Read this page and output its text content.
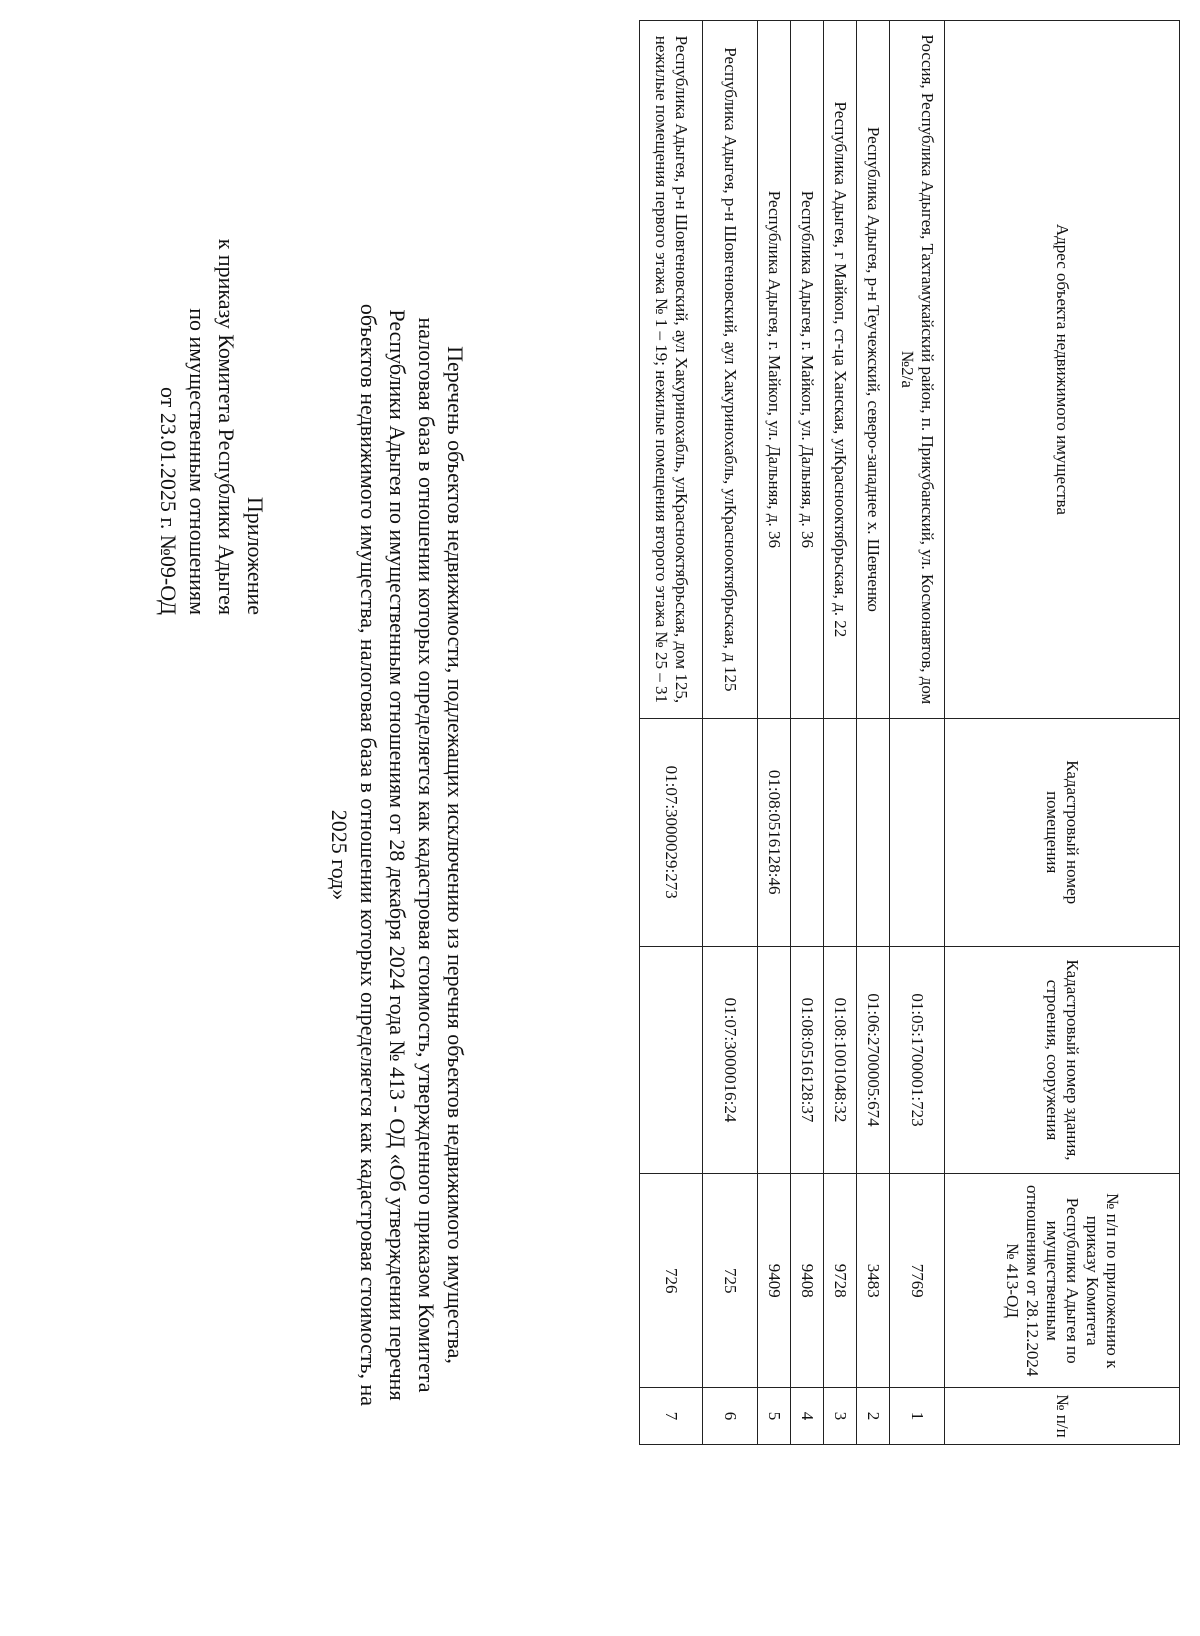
Приложение
к приказу Комитета Республики Адыгея
по имущественным отношениям
от 23.01.2025 г. №09-ОД	Перечень объектов недвижимости, подлежащих исключению из перечня объектов недвижимого имущества, налоговая база в отношении которых определяется как кадастровая стоимость, утвержденного приказом Комитета Республики Адыгея по имущественным отношениям от 28 декабря 2024 года № 413 - ОД «Об утверждении перечня объектов недвижимого имущества, налоговая база в отношении которых определяется как кадастровая стоимость, на 2025 год»
Адрес объекта недвижимого имущества	Кадастровый номер помещения	Кадастровый номер здания, строения, сооружения	№ п/п по приложению к приказу Комитета Республики Адыгея по имущественным отношениям от 28.12.2024 № 413-ОД	№ п/п
Россия, Республика Адыгея, Тахтамукайский район, п. Прикубанский, ул. Космонавтов, дом №2/а		01:05:1700001:723	7769	1
Республика Адыгея, р-н Теучежский, северо-западнее х. Шевченко		01:06:2700005:674	3483	2
Республика Адыгея, г Майкоп, ст-ца Ханская, улКраснооктябрьская, д. 22		01:08:1001048:32	9728	3
Республика Адыгея, г. Майкоп, ул. Дальняя, д. 36		01:08:0516128:37	9408	4
Республика Адыгея, г. Майкоп, ул. Дальняя, д. 36	01:08:0516128:46		9409	5
Республика Адыгея, р-н Шовгеновский, аул Хакуринохабль, улКраснооктябрьская, д 125		01:07:3000016:24	725	6
Республика Адыгея, р-н Шовгеновский, аул Хакуринохабль, улКраснооктябрьская, дом 125, нежилые помещения первого этажа № 1 – 19; нежилые помещения второго этажа № 25 – 31	01:07:3000029:273		726	7
